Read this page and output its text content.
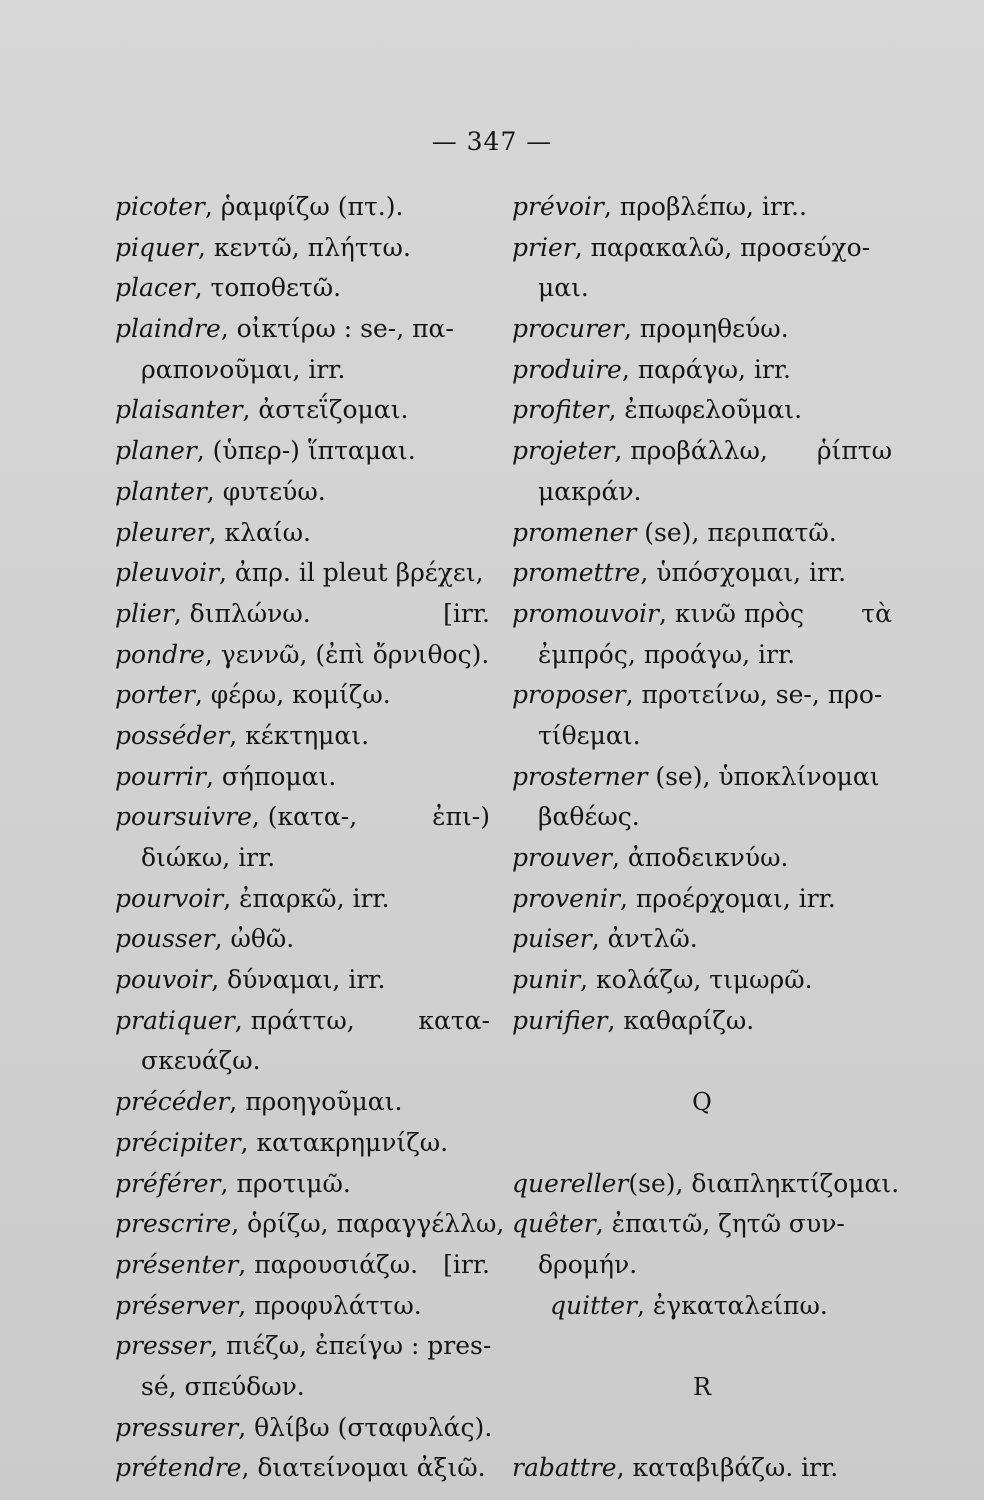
— 347 —
picoter, ῥαμφίζω (πτ.).
piquer, κεντῶ, πλήττω.
placer, τοποθετῶ.
plaindre, οἰκτίρω : se-, πα-
ραπονοῦμαι, irr.
plaisanter, ἀστεΐζομαι.
planer, (ὑπερ-) ἵπταμαι.
planter, φυτεύω.
pleurer, κλαίω.
pleuvoir, ἀπρ. il pleut βρέχει,
plier, διπλώνω.	[irr.
pondre, γεννῶ, (ἐπὶ ὄρνιθος).
porter, φέρω, κομίζω.
posséder, κέκτημαι.
pourrir, σήπομαι.
poursuivre, (κατα-,	ἐπι-)
διώκω, irr.
pourvoir, ἐπαρκῶ, irr.
pousser, ὠθῶ.
pouvoir, δύναμαι, irr.
pratiquer, πράττω,	κατα-
σκευάζω.
précéder, προηγοῦμαι.
précipiter, κατακρημνίζω.
préférer, προτιμῶ.
prescrire, ὁρίζω, παραγγέλλω,
présenter, παρουσιάζω. [irr.
préserver, προφυλάττω.
presser, πιέζω, ἐπείγω : pres-
sé, σπεύδων.
pressurer, θλίβω (σταφυλάς).
prétendre, διατείνομαι ἀξιῶ.
prévoir, προβλέπω, irr..
prier, παρακαλῶ, προσεύχο-
μαι.
procurer, προμηθεύω.
produire, παράγω, irr.
profiter, ἐπωφελοῦμαι.
projeter, προβάλλω, ῥίπτω
μακράν.
promener (se), περιπατῶ.
promettre, ὑπόσχομαι, irr.
promouvoir, κινῶ πρὸς τὰ
ἐμπρός, προάγω, irr.
proposer, προτείνω, se-, προ-
τίθεμαι.
prosterner (se), ὑποκλίνομαι
βαθέως.
prouver, ἀποδεικνύω.
provenir, προέρχομαι, irr.
puiser, ἀντλῶ.
punir, κολάζω, τιμωρῶ.
purifier, καθαρίζω.
Q
quereller(se), διαπληκτίζομαι.
quêter, ἐπαιτῶ, ζητῶ συν-
δρομήν.
quitter, ἐγκαταλείπω.
R
rabattre, καταβιβάζω. irr.
